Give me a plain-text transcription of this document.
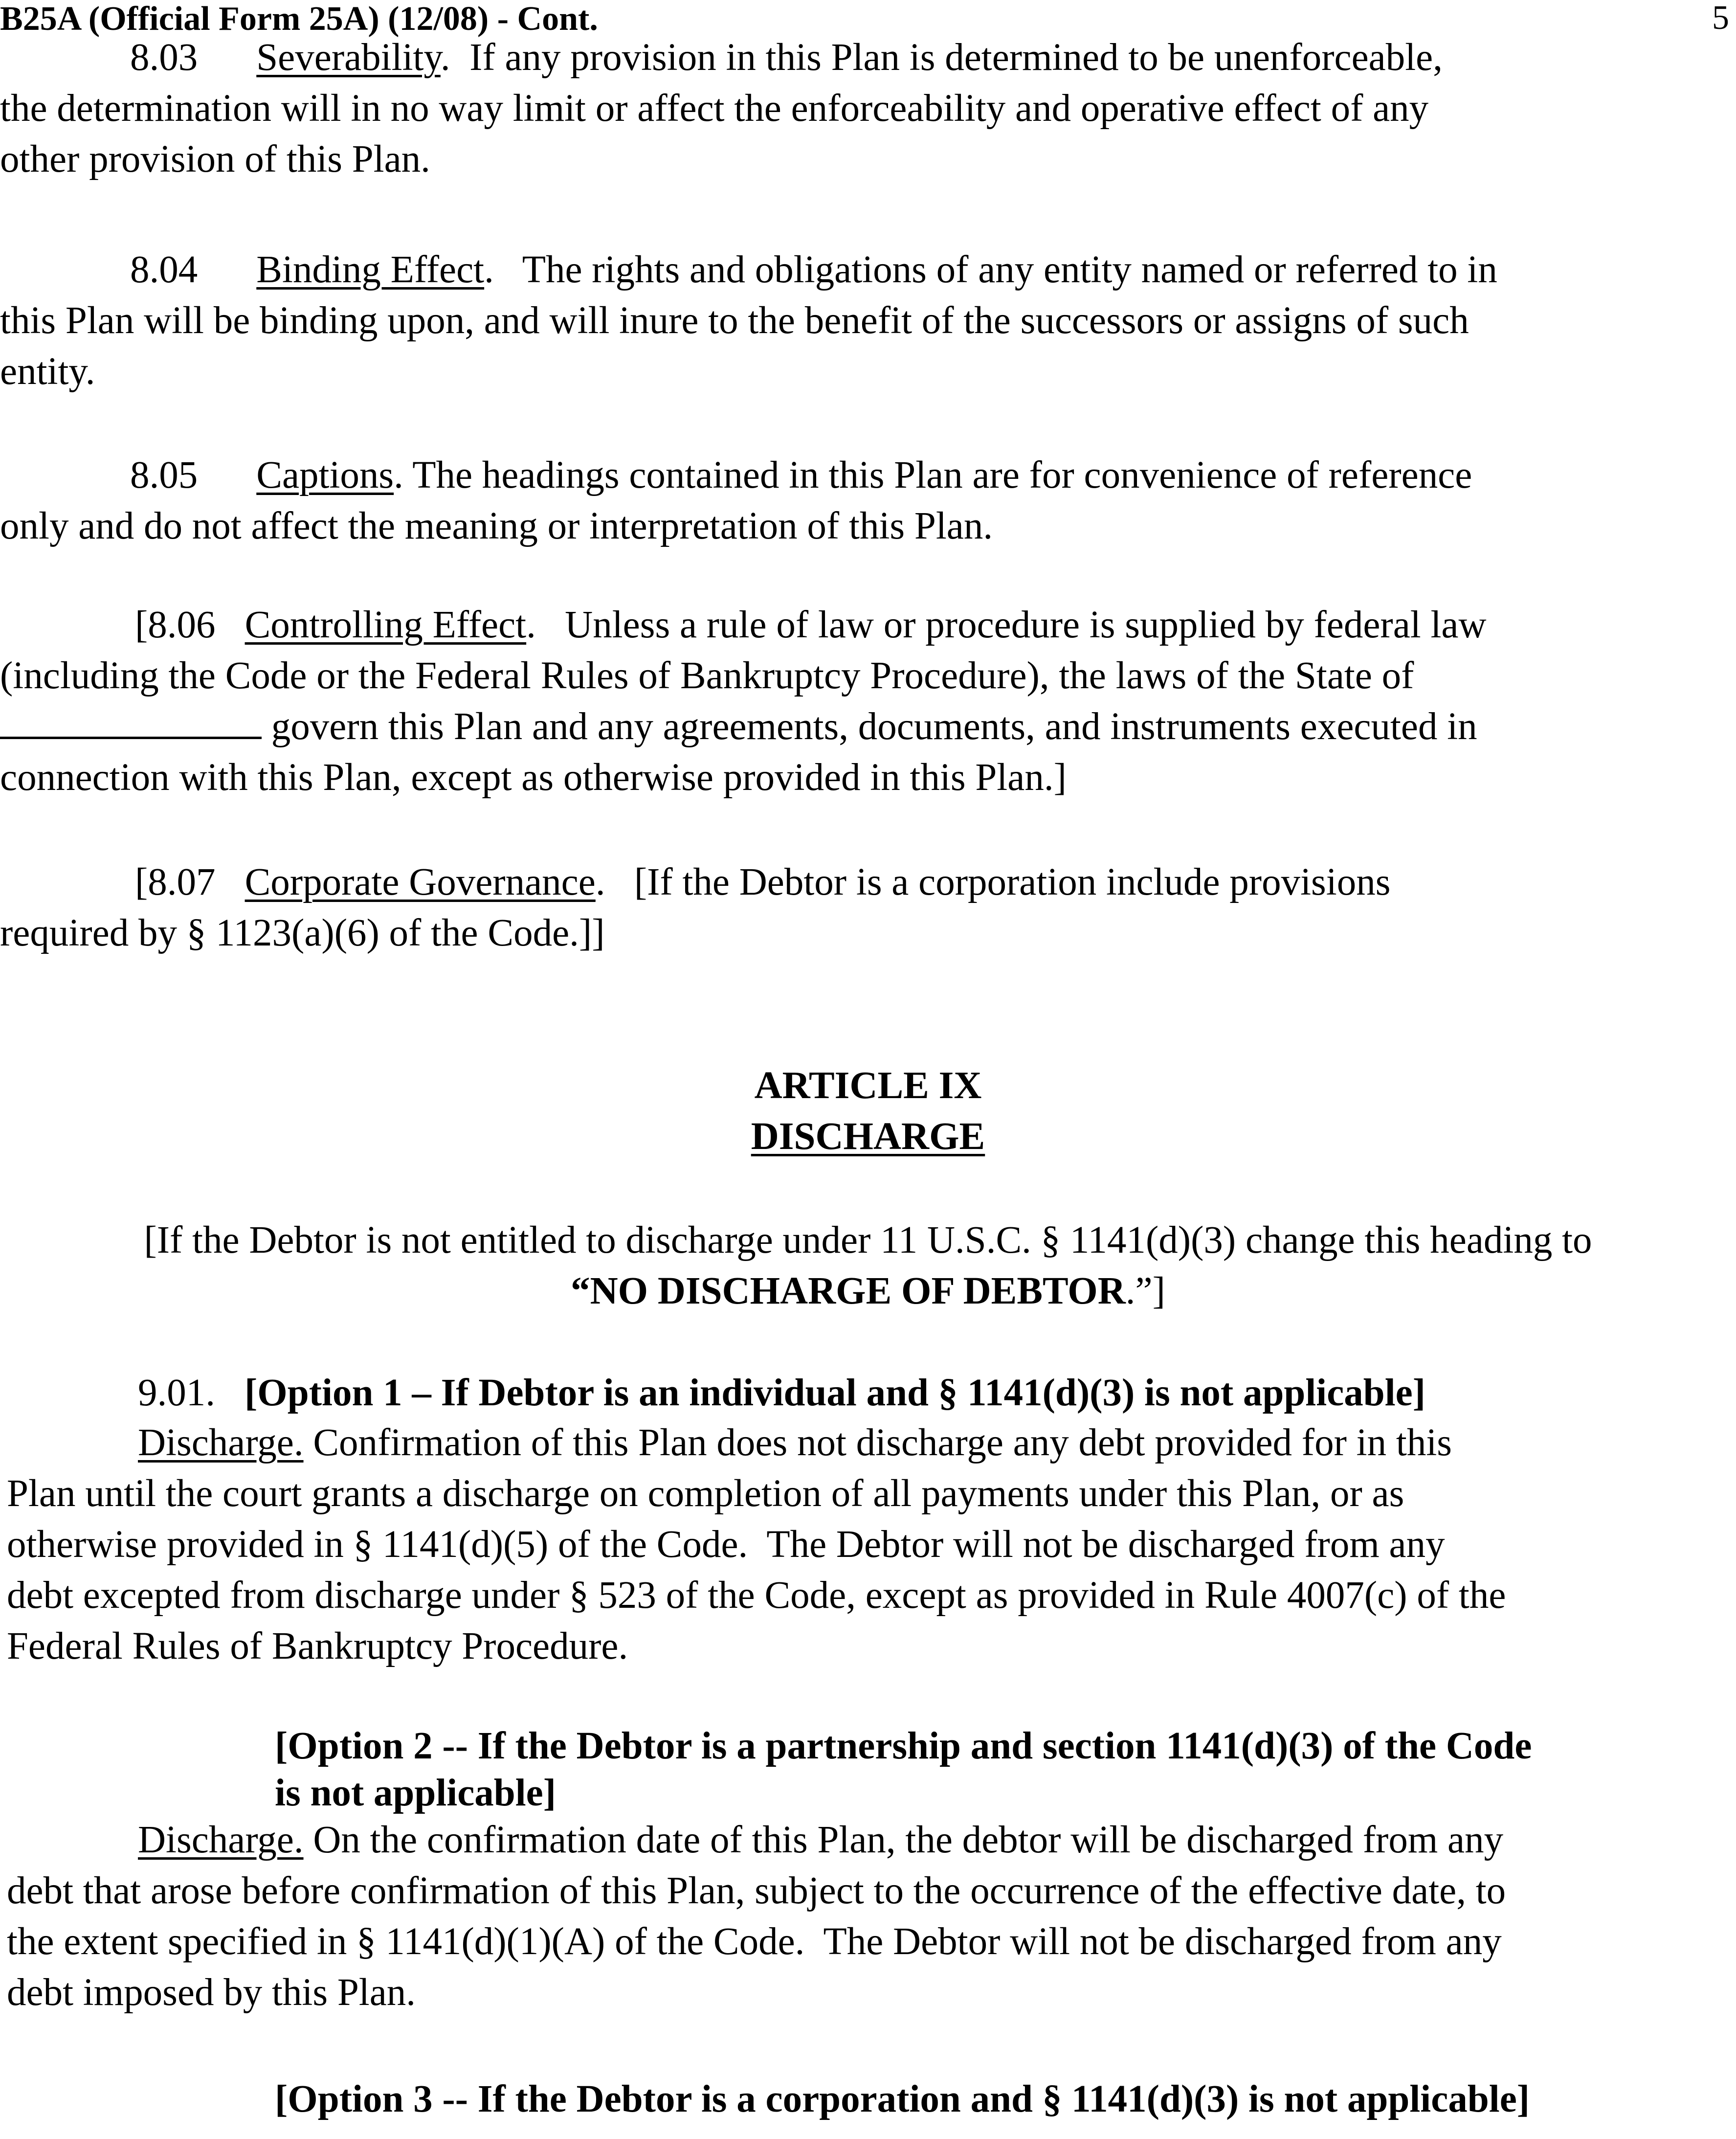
B25A (Official Form 25A) (12/08) - Cont.	5
8.03 Severability.  If any provision in this Plan is determined to be unenforceable,
the determination will in no way limit or affect the enforceability and operative effect of any
other provision of this Plan.
8.04 Binding Effect.   The rights and obligations of any entity named or referred to in
this Plan will be binding upon, and will inure to the benefit of the successors or assigns of such
entity.
8.05 Captions. The headings contained in this Plan are for convenience of reference
only and do not affect the meaning or interpretation of this Plan.
[8.06 Controlling Effect.   Unless a rule of law or procedure is supplied by federal law
(including the Code or the Federal Rules of Bankruptcy Procedure), the laws of the State of
govern this Plan and any agreements, documents, and instruments executed in
connection with this Plan, except as otherwise provided in this Plan.]
[8.07 Corporate Governance.   [If the Debtor is a corporation include provisions
required by § 1123(a)(6) of the Code.]]
ARTICLE IX
DISCHARGE
[If the Debtor is not entitled to discharge under 11 U.S.C. § 1141(d)(3) change this heading to
“NO DISCHARGE OF DEBTOR.”]
9.01. [Option 1 – If Debtor is an individual and § 1141(d)(3) is not applicable]
Discharge. Confirmation of this Plan does not discharge any debt provided for in this
Plan until the court grants a discharge on completion of all payments under this Plan, or as
otherwise provided in § 1141(d)(5) of the Code.  The Debtor will not be discharged from any
debt excepted from discharge under § 523 of the Code, except as provided in Rule 4007(c) of the
Federal Rules of Bankruptcy Procedure.
[Option 2 -- If the Debtor is a partnership and section 1141(d)(3) of the Code
is not applicable]
Discharge. On the confirmation date of this Plan, the debtor will be discharged from any
debt that arose before confirmation of this Plan, subject to the occurrence of the effective date, to
the extent specified in § 1141(d)(1)(A) of the Code.  The Debtor will not be discharged from any
debt imposed by this Plan.
[Option 3 -- If the Debtor is a corporation and § 1141(d)(3) is not applicable]
